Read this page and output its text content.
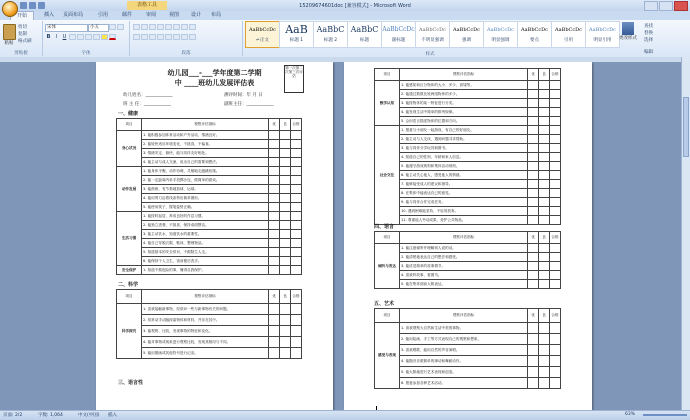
表格工具	15209674601doc [兼容模式] - Microsoft Word
开始	插入	页面布局	引用	邮件	审阅	视图	设计	布局
粘贴
剪切
复制
格式刷
剪贴板
宋体	小五
B	I	U
字体	段落
AaBbCcDc
↵正文
AaB
标题 1
AaBbC
标题 2
AaBbC
标题
AaBbCcDc
副标题
AaBbCcDc
不明显强调
AaBbCcDc
强调
AaBbCcDc
明显强调
AaBbCcDc
要点
AaBbCcDc
引用
AaBbCcDc
明显引用
样式
更改样式
查找
替换
选择
编辑
幼儿园___-___学年度第二学期
中 ____班幼儿发展评估表
第一次第二次第三次评估
幼儿姓名：____________	测评时间：年 月 日
班 主 任：____________	副班主任：____________
一、健康
项目	观察评估指标	优	良	合格
身心状况	1. 能积极参加体育活动和户外活动，情绪良好。			
	2. 能较快适应环境变化，不挑食，不偏食。			
	3. 情绪安定、愉快，能与同伴友好相处。			
	4. 能主动与成人交流，说出自己的需要和想法。			
动作发展	1. 能身体平衡，动作协调，灵敏地走跑跳钻爬。			
	2. 能一定距离内单手投掷沙包，做简单的游戏。			
	3. 能熟练、有节奏地拍球、运球。			
	4. 能用剪刀沿着线条剪出简单图形。			
	5. 能使用筷子，握笔姿势正确。			
生活习惯	1. 能按时起居，养成良好的作息习惯。			
	2. 能独立进餐，不挑食，保持桌面整洁。			
	3. 能主动饮水，知道饮水的重要性。			
	4. 能自己穿脱衣服、鞋袜，整理物品。			
	5. 知道基本的安全常识，不跟陌生人走。			
	6. 能保持个人卫生，饭前便后洗手。			
安全保护	1. 知道不做危险的事，懂得自我保护。			
二、科学
项目	观察评估指标	优	良	合格
科学探究	1. 喜欢接触新事物，经常问一些与新事物有关的问题。			
	2. 常常动手动脑探索物体和材料，并乐在其中。			
	3. 能观察、比较，发现事物的特征和变化。			
	4. 能对事物或现象进行观察比较，发现其相同与不同。			
	5. 能用图画或其他符号进行记录。			
三、语言性
项目	观察评估指标	优	良	合格
数学认知	1. 能感知和区分物体的大小、多少、高矮等。			
	2. 能通过数数比较两组物体的多少。			
	3. 能按物体的某一特征进行分类。			
	4. 能发现生活中简单的排列规律。			
	5. 会用语言描述物体的位置和方向。			
社会交往	1. 愿意与小朋友一起游戏，有自己的好朋友。			
	2. 能主动与人交谈，遇到问题寻求帮助。			
	3. 能与同伴分享玩具和图书。			
	4. 知道自己的性别、年龄和家人信息。			
	5. 能遵守游戏规则和集体活动规则。			
	6. 能主动关心他人，感受他人的情绪。			
	7. 能够接受成人的建议和指导。			
	8. 在集体中能表达自己的意见。			
	9. 能与同伴合作完成任务。			
	10. 遇到困难能坚持，不轻易放弃。			
	11. 尊重他人劳动成果，爱护公共物品。			
四、语言
项目	观察评估指标	优	良	合格
倾听与表达	1. 能注意倾听并理解别人说的话。			
	2. 能清楚地表达自己的想法和感受。			
	3. 能讲述简单的故事情节。			
	4. 喜欢听故事、看图书。			
	5. 能在集体面前大胆表达。			
五、艺术
项目	观察评估指标	优	良	合格
感受与表现	1. 喜欢观察大自然和生活中美的事物。			
	2. 能用绘画、手工等方式表现自己的观察和想象。			
	3. 喜欢唱歌，能用自然的声音演唱。			
	4. 能随音乐做简单的律动和舞蹈动作。			
	5. 能大胆地进行艺术表现和创造。			
	6. 愿意参加各种艺术活动。			
页面: 2/2	字数: 1,064	中文(中国) 插入	63%
